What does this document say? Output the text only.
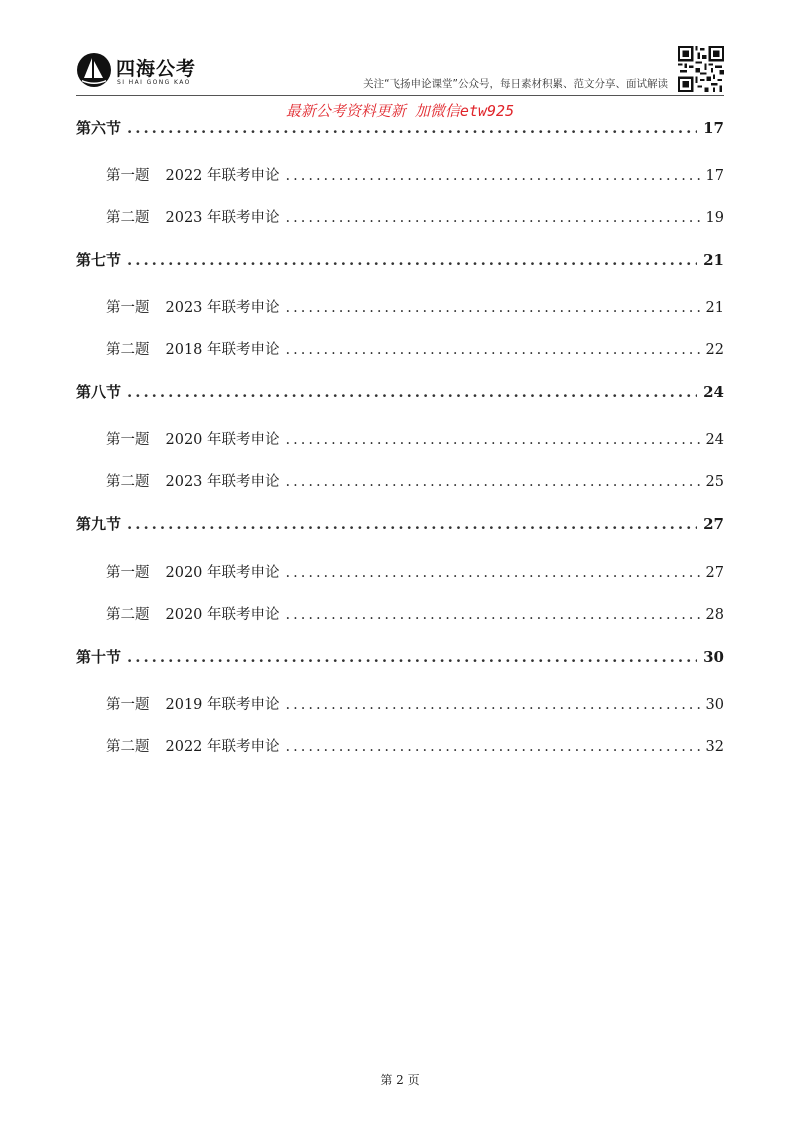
四海公考
SI HAI GONG KAO	关注“飞扬申论课堂”公众号，每日素材积累、范文分享、面试解读
最新公考资料更新 加微信etw925
第六节 .....	17
第一题 2022 年联考申论 .....	17
第二题 2023 年联考申论 .....	19
第七节 .....	21
第一题 2023 年联考申论 .....	21
第二题 2018 年联考申论 .....	22
第八节 .....	24
第一题 2020 年联考申论 .....	24
第二题 2023 年联考申论 .....	25
第九节 .....	27
第一题 2020 年联考申论 .....	27
第二题 2020 年联考申论 .....	28
第十节 .....	30
第一题 2019 年联考申论 .....	30
第二题 2022 年联考申论 .....	32
第 2 页
